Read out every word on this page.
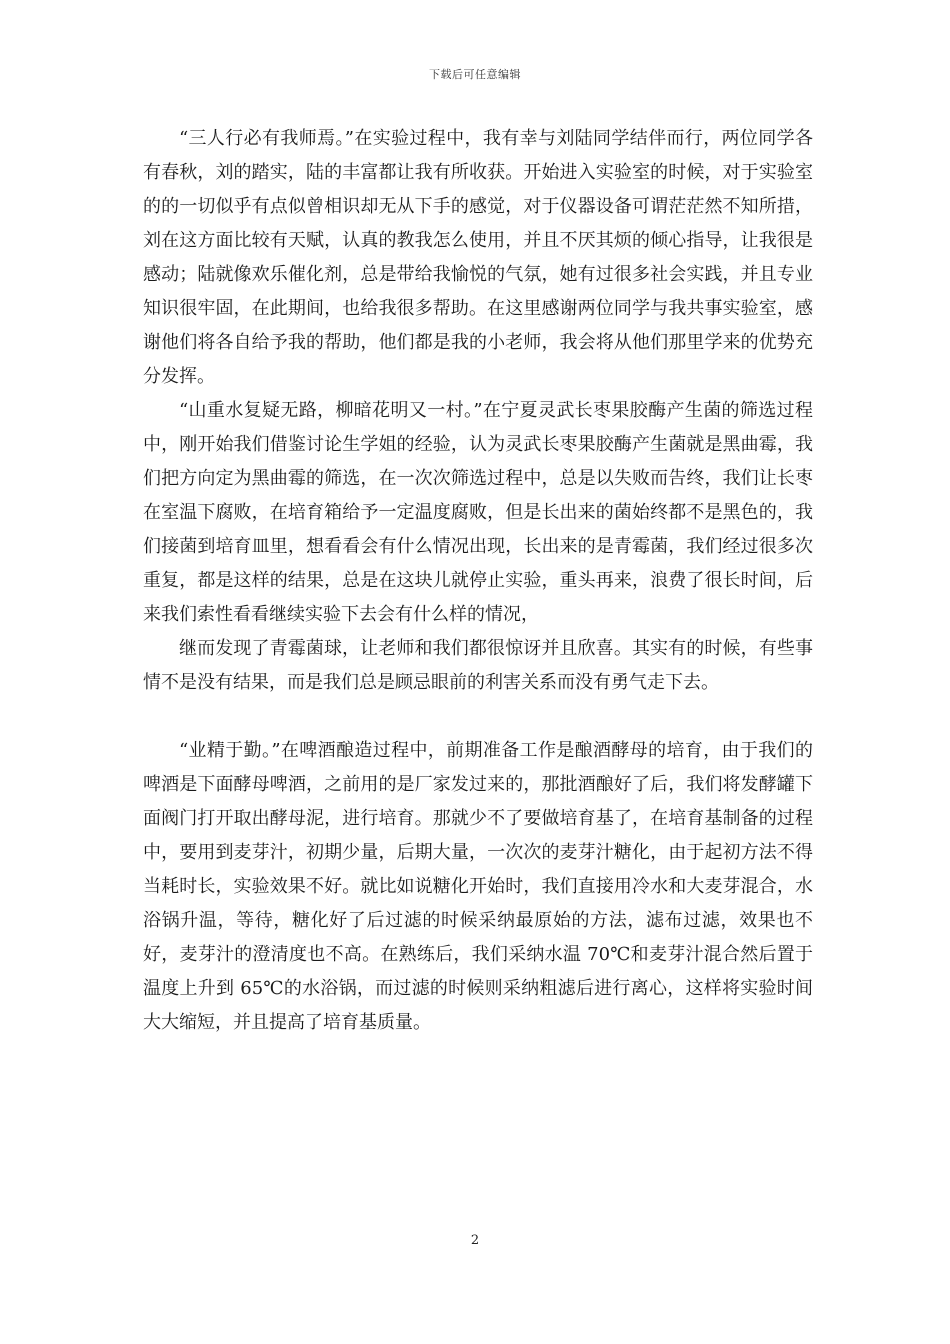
下载后可任意编辑

“三人行必有我师焉。”在实验过程中，我有幸与刘陆同学结伴而行，两位同学各有春秋，刘的踏实，陆的丰富都让我有所收获。开始进入实验室的时候，对于实验室的的一切似乎有点似曾相识却无从下手的感觉，对于仪器设备可谓茫茫然不知所措，刘在这方面比较有天赋，认真的教我怎么使用，并且不厌其烦的倾心指导，让我很是感动；陆就像欢乐催化剂，总是带给我愉悦的气氛，她有过很多社会实践，并且专业知识很牢固，在此期间，也给我很多帮助。在这里感谢两位同学与我共事实验室，感谢他们将各自给予我的帮助，他们都是我的小老师，我会将从他们那里学来的优势充分发挥。

“山重水复疑无路，柳暗花明又一村。”在宁夏灵武长枣果胶酶产生菌的筛选过程中，刚开始我们借鉴讨论生学姐的经验，认为灵武长枣果胶酶产生菌就是黑曲霉，我们把方向定为黑曲霉的筛选，在一次次筛选过程中，总是以失败而告终，我们让长枣在室温下腐败，在培育箱给予一定温度腐败，但是长出来的菌始终都不是黑色的，我们接菌到培育皿里，想看看会有什么情况出现，长出来的是青霉菌，我们经过很多次重复，都是这样的结果，总是在这块儿就停止实验，重头再来，浪费了很长时间，后来我们索性看看继续实验下去会有什么样的情况，

继而发现了青霉菌球，让老师和我们都很惊讶并且欣喜。其实有的时候，有些事情不是没有结果，而是我们总是顾忌眼前的利害关系而没有勇气走下去。

“业精于勤。”在啤酒酿造过程中，前期准备工作是酿酒酵母的培育，由于我们的啤酒是下面酵母啤酒，之前用的是厂家发过来的，那批酒酿好了后，我们将发酵罐下面阀门打开取出酵母泥，进行培育。那就少不了要做培育基了，在培育基制备的过程中，要用到麦芽汁，初期少量，后期大量，一次次的麦芽汁糖化，由于起初方法不得当耗时长，实验效果不好。就比如说糖化开始时，我们直接用冷水和大麦芽混合，水浴锅升温，等待，糖化好了后过滤的时候采纳最原始的方法，滤布过滤，效果也不好，麦芽汁的澄清度也不高。在熟练后，我们采纳水温 70℃和麦芽汁混合然后置于温度上升到 65℃的水浴锅，而过滤的时候则采纳粗滤后进行离心，这样将实验时间大大缩短，并且提高了培育基质量。

2
